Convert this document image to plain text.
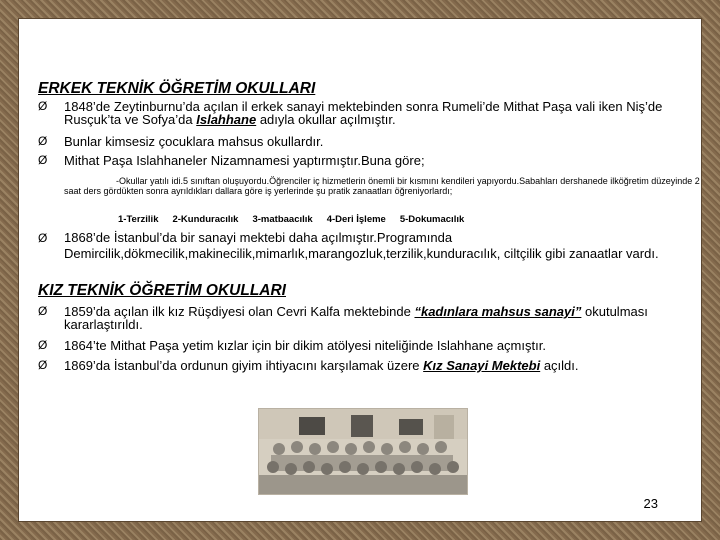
ERKEK TEKNİK ÖĞRETİM OKULLARI
Ø 1848’de Zeytinburnu’da açılan il erkek sanayi mektebinden sonra Rumeli’de Mithat Paşa vali iken Niş’de Rusçuk’ta ve Sofya’da Islahhane adıyla okullar açılmıştır.
Ø Bunlar kimsesiz çocuklara mahsus okullardır.
Ø Mithat Paşa Islahhaneler Nizamnamesi yaptırmıştır.Buna göre;
-Okullar yatılı idi.5 sınıftan oluşuyordu.Öğrenciler iç hizmetlerin önemli bir kısmını kendileri yapıyordu.Sabahları dershanede ilköğretim düzeyinde 2 saat ders gördükten sonra ayrıldıkları dallara göre iş yerlerinde şu pratik zanaatları öğreniyorlardı;
1-Terzilik 2-Kunduracılık 3-matbaacılık 4-Deri İşleme 5-Dokumacılık
Ø 1868’de İstanbul’da bir sanayi mektebi daha açılmıştır.Programında Demircilik,dökmecilik,makinecilik,mimarlık,marangozluk,terzilik,kunduracılık, ciltçilik gibi zanaatlar vardı.
KIZ TEKNİK ÖĞRETİM OKULLARI
Ø 1859’da açılan ilk kız Rüşdiyesi olan Cevri Kalfa mektebinde “kadınlara mahsus sanayi” okutulması kararlaştırıldı.
Ø 1864’te Mithat Paşa yetim kızlar için bir dikim atölyesi niteliğinde Islahhane açmıştır.
Ø 1869’da İstanbul’da ordunun giyim ihtiyacını karşılamak üzere Kız Sanayi Mektebi açıldı.
23
